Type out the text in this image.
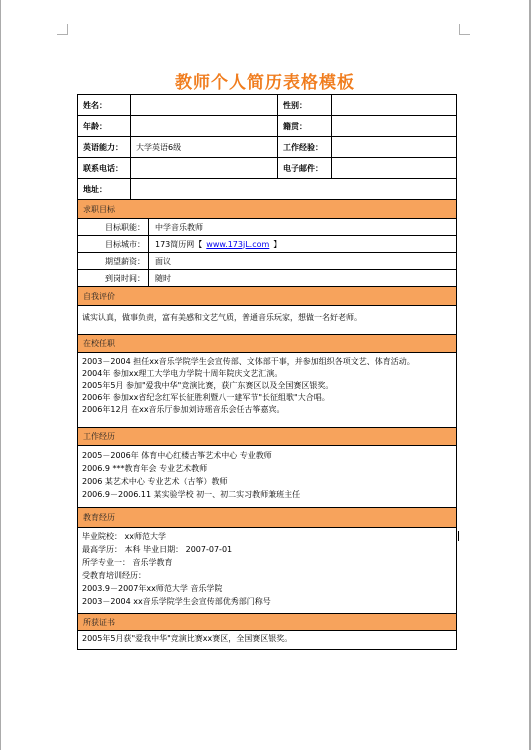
教师个人简历表格模板
姓名：	性别：
年龄：	籍贯：
英语能力：	大学英语6级	工作经验：
联系电话：	电子邮件：
地址：
求职目标
目标职能：	中学音乐教师
目标城市：	173简历网【 www.173jL.com 】
期望薪资：	面议
到岗时间：	随时
自我评价
诚实认真，做事负责，富有美感和文艺气质，普通音乐玩家，想做一名好老师。
在校任职
2003－2004 担任xx音乐学院学生会宣传部、文体部干事，并参加组织各项文艺、体育活动。
2004年 参加xx理工大学电力学院十周年院庆文艺汇演。
2005年5月 参加"爱我中华"竞演比赛，获广东赛区以及全国赛区银奖。
2006年 参加xx省纪念红军长征胜利暨八一建军节"长征组歌"大合唱。
2006年12月 在xx音乐厅参加刘诗瑶音乐会任古筝嘉宾。
工作经历
2005－2006年 体育中心红楼古筝艺术中心 专业教师
2006.9 ***教育年会 专业艺术教师
2006 某艺术中心 专业艺术（古筝）教师
2006.9－2006.11 某实验学校 初一、初二实习教师兼班主任
教育经历
毕业院校： xx师范大学
最高学历： 本科 毕业日期： 2007-07-01
所学专业一： 音乐学教育
受教育培训经历：
2003.9－2007年xx师范大学 音乐学院
2003－2004 xx音乐学院学生会宣传部优秀部门称号
所获证书
2005年5月获"爱我中华"竞演比赛xx赛区，全国赛区银奖。
